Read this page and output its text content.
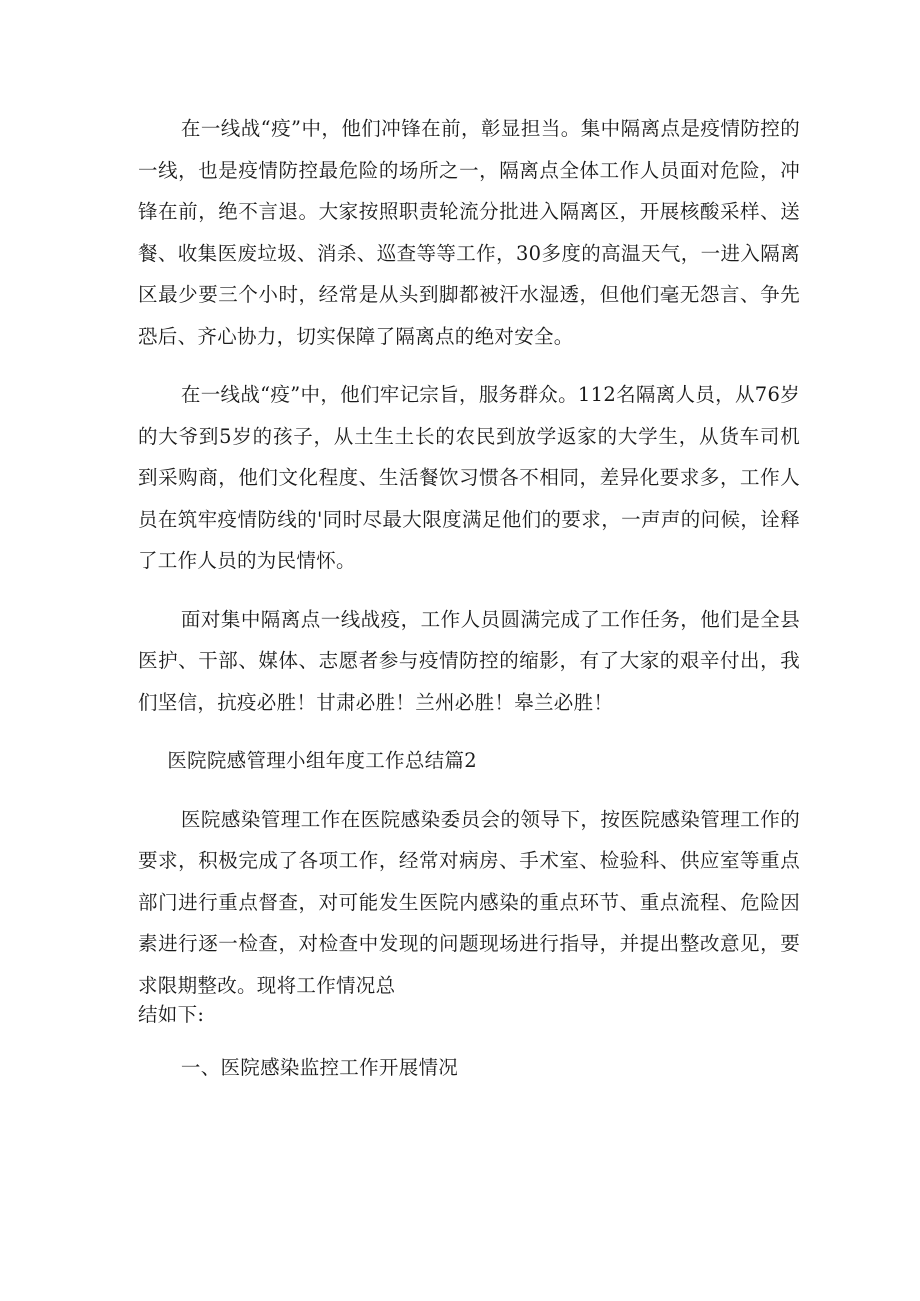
在一线战“疫”中，他们冲锋在前，彰显担当。集中隔离点是疫情防控的一线，也是疫情防控最危险的场所之一，隔离点全体工作人员面对危险，冲锋在前，绝不言退。大家按照职责轮流分批进入隔离区，开展核酸采样、送餐、收集医废垃圾、消杀、巡查等等工作，30多度的高温天气，一进入隔离区最少要三个小时，经常是从头到脚都被汗水湿透，但他们毫无怨言、争先恐后、齐心协力，切实保障了隔离点的绝对安全。

在一线战“疫”中，他们牢记宗旨，服务群众。112名隔离人员，从76岁的大爷到5岁的孩子，从土生土长的农民到放学返家的大学生，从货车司机到采购商，他们文化程度、生活餐饮习惯各不相同，差异化要求多，工作人员在筑牢疫情防线的'同时尽最大限度满足他们的要求，一声声的问候，诠释了工作人员的为民情怀。

面对集中隔离点一线战疫，工作人员圆满完成了工作任务，他们是全县医护、干部、媒体、志愿者参与疫情防控的缩影，有了大家的艰辛付出，我们坚信，抗疫必胜！甘肃必胜！兰州必胜！皋兰必胜！

医院院感管理小组年度工作总结篇2

医院感染管理工作在医院感染委员会的领导下，按医院感染管理工作的要求，积极完成了各项工作，经常对病房、手术室、检验科、供应室等重点部门进行重点督查，对可能发生医院内感染的重点环节、重点流程、危险因素进行逐一检查，对检查中发现的问题现场进行指导，并提出整改意见，要求限期整改。现将工作情况总

结如下:

一、医院感染监控工作开展情况
